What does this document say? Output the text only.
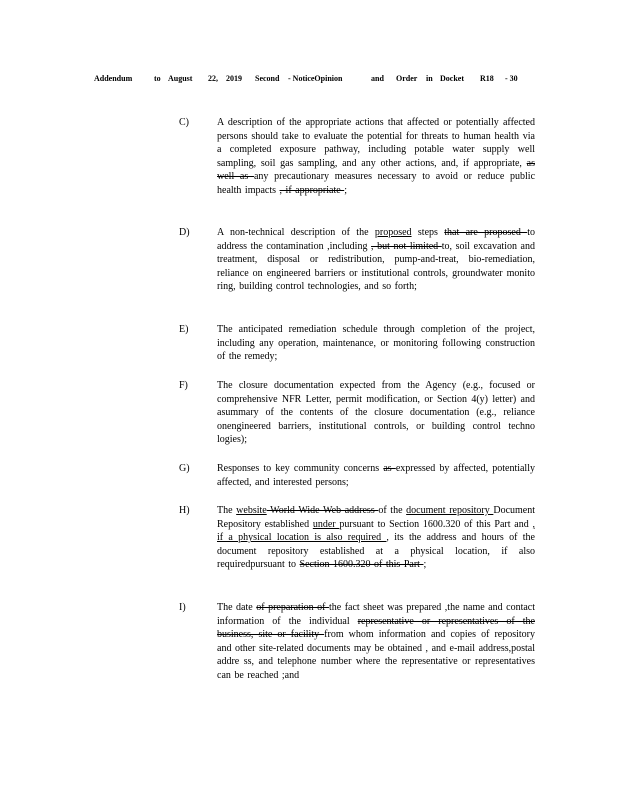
Addendum	to August 22, 2019 Second - NoticeOpinion	and Order in Docket R18 - 30
C)	A description of the appropriate actions that affected or potentially affected persons should take to evaluate the potential for threats to human health via a completed exposure pathway, including potable water supply well sampling, soil gas sampling, and any other actions, and, if appropriate, as well as any precautionary measures necessary to avoid or reduce public health impacts , if appropriate ;
D)	A non-technical description of the proposed steps that are proposed to address the contamination ,including , but not limited to, soil excavation and treatment, disposal or redistribution, pump-and-treat, bio-remediation, reliance on engineered barriers or institutional controls, groundwater monito ring, building control technologies, and so forth;
E)	The anticipated remediation schedule through completion of the project, including any operation, maintenance, or monitoring following construction of the remedy;
F)	The closure documentation expected from the Agency (e.g., focused or comprehensive NFR Letter, permit modification, or Section 4(y) letter) and asummary of the contents of the closure documentation (e.g., reliance onengineered barriers, institutional controls, or building control techno logies);
G)	Responses to key community concerns as expressed by affected, potentially affected, and interested persons;
H)	The website World Wide Web address of the document repository Document Repository established under pursuant to Section 1600.320 of this Part and , if a physical location is also required , its the address and hours of the document repository established at a physical location, if also requiredpursuant to Section 1600.320 of this Part ;
I)	The date of preparation of the fact sheet was prepared ,the name and contact information of the individual representative or representatives of the business, site or facility from whom information and copies of repository and other site-related documents may be obtained , and e-mail address,postal addre ss, and telephone number where the representative or representatives can be reached ;and
